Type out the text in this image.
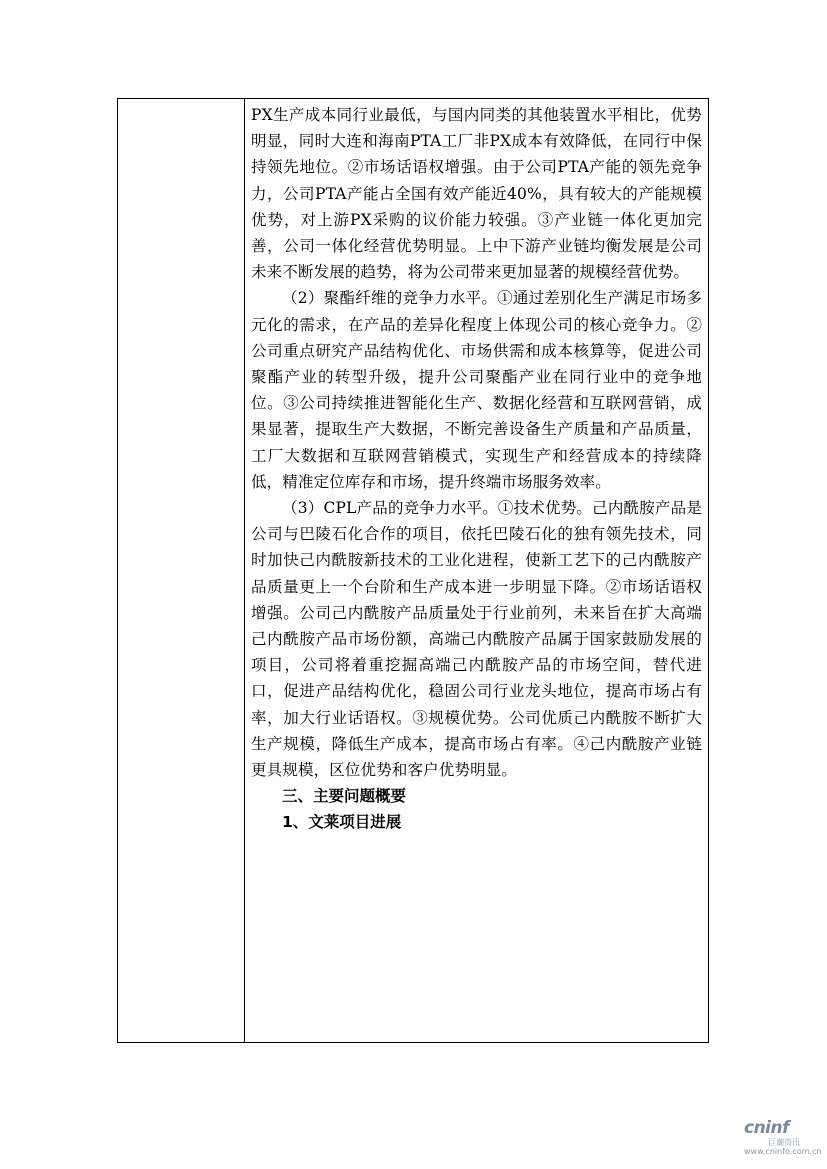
PX生产成本同行业最低，与国内同类的其他装置水平相比，优势明显，同时大连和海南PTA工厂非PX成本有效降低，在同行中保持领先地位。②市场话语权增强。由于公司PTA产能的领先竞争力，公司PTA产能占全国有效产能近40%，具有较大的产能规模优势，对上游PX采购的议价能力较强。③产业链一体化更加完善，公司一体化经营优势明显。上中下游产业链均衡发展是公司未来不断发展的趋势，将为公司带来更加显著的规模经营优势。

（2）聚酯纤维的竞争力水平。①通过差别化生产满足市场多元化的需求，在产品的差异化程度上体现公司的核心竞争力。②公司重点研究产品结构优化、市场供需和成本核算等，促进公司聚酯产业的转型升级，提升公司聚酯产业在同行业中的竞争地位。③公司持续推进智能化生产、数据化经营和互联网营销，成果显著，提取生产大数据，不断完善设备生产质量和产品质量，工厂大数据和互联网营销模式，实现生产和经营成本的持续降低，精准定位库存和市场，提升终端市场服务效率。

（3）CPL产品的竞争力水平。①技术优势。己内酰胺产品是公司与巴陵石化合作的项目，依托巴陵石化的独有领先技术，同时加快己内酰胺新技术的工业化进程，使新工艺下的己内酰胺产品质量更上一个台阶和生产成本进一步明显下降。②市场话语权增强。公司己内酰胺产品质量处于行业前列，未来旨在扩大高端己内酰胺产品市场份额，高端己内酰胺产品属于国家鼓励发展的项目，公司将着重挖掘高端己内酰胺产品的市场空间，替代进口，促进产品结构优化，稳固公司行业龙头地位，提高市场占有率，加大行业话语权。③规模优势。公司优质己内酰胺不断扩大生产规模，降低生产成本，提高市场占有率。④己内酰胺产业链更具规模，区位优势和客户优势明显。

三、主要问题概要

1、文莱项目进展

cninf
巨潮资讯
www.cninfo.com.cn
